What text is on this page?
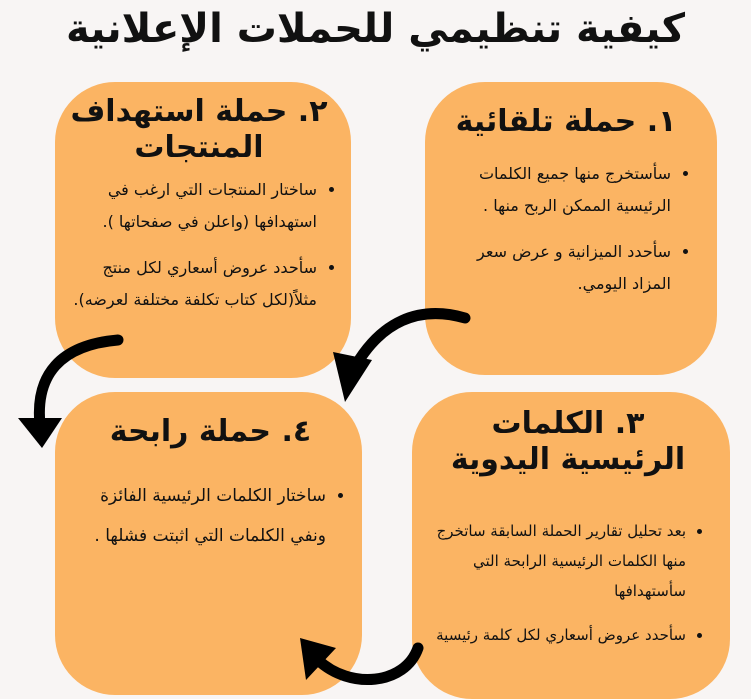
كيفية تنظيمي للحملات الإعلانية
١. حملة تلقائية
• سأستخرج منها جميع الكلمات الرئيسية الممكن الربح منها .
• سأحدد الميزانية و عرض سعر المزاد اليومي.
٢. حملة استهداف المنتجات
• ساختار المنتجات التي ارغب في استهدافها (واعلن في صفحاتها ).
• سأحدد عروض أسعاري لكل منتج مثلاًً(لكل كتاب تكلفة مختلفة لعرضه).
٣. الكلمات الرئيسية اليدوية
• بعد تحليل تقارير الحملة السابقة ساتخرج منها الكلمات الرئيسية الرابحة التي سأستهدافها
• سأحدد عروض أسعاري لكل كلمة رئيسية
٤. حملة رابحة
• ساختار الكلمات الرئيسية الفائزة ونفي الكلمات التي اثبتت فشلها .
